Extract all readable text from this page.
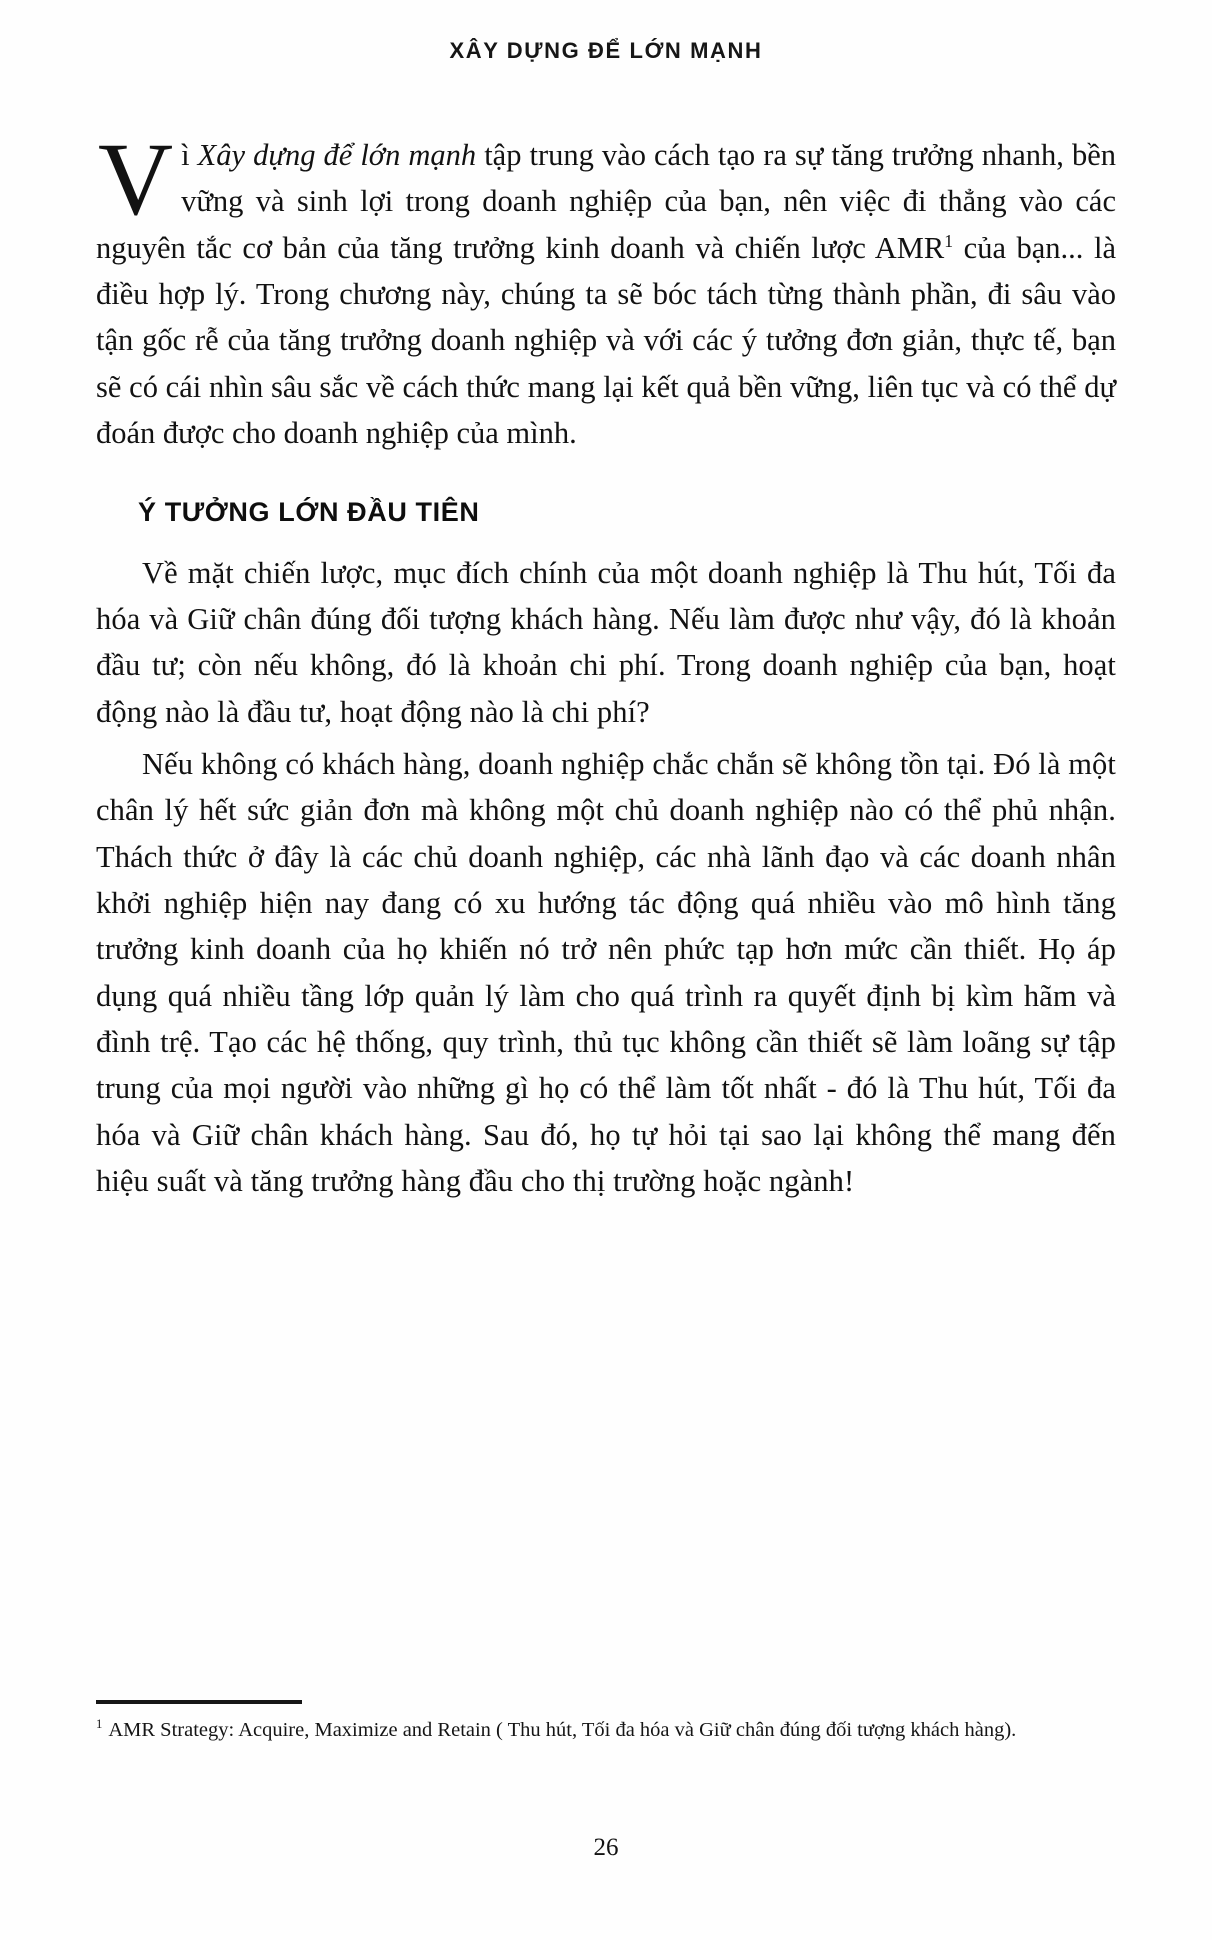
XÂY DỰNG ĐỂ LỚN MẠNH

Vì Xây dựng để lớn mạnh tập trung vào cách tạo ra sự tăng trưởng nhanh, bền vững và sinh lợi trong doanh nghiệp của bạn, nên việc đi thẳng vào các nguyên tắc cơ bản của tăng trưởng kinh doanh và chiến lược AMR$^1$ của bạn... là điều hợp lý. Trong chương này, chúng ta sẽ bóc tách từng thành phần, đi sâu vào tận gốc rễ của tăng trưởng doanh nghiệp và với các ý tưởng đơn giản, thực tế, bạn sẽ có cái nhìn sâu sắc về cách thức mang lại kết quả bền vững, liên tục và có thể dự đoán được cho doanh nghiệp của mình.

Ý TƯỞNG LỚN ĐẦU TIÊN

Về mặt chiến lược, mục đích chính của một doanh nghiệp là Thu hút, Tối đa hóa và Giữ chân đúng đối tượng khách hàng. Nếu làm được như vậy, đó là khoản đầu tư; còn nếu không, đó là khoản chi phí. Trong doanh nghiệp của bạn, hoạt động nào là đầu tư, hoạt động nào là chi phí?

Nếu không có khách hàng, doanh nghiệp chắc chắn sẽ không tồn tại. Đó là một chân lý hết sức giản đơn mà không một chủ doanh nghiệp nào có thể phủ nhận. Thách thức ở đây là các chủ doanh nghiệp, các nhà lãnh đạo và các doanh nhân khởi nghiệp hiện nay đang có xu hướng tác động quá nhiều vào mô hình tăng trưởng kinh doanh của họ khiến nó trở nên phức tạp hơn mức cần thiết. Họ áp dụng quá nhiều tầng lớp quản lý làm cho quá trình ra quyết định bị kìm hãm và đình trệ. Tạo các hệ thống, quy trình, thủ tục không cần thiết sẽ làm loãng sự tập trung của mọi người vào những gì họ có thể làm tốt nhất - đó là Thu hút, Tối đa hóa và Giữ chân khách hàng. Sau đó, họ tự hỏi tại sao lại không thể mang đến hiệu suất và tăng trưởng hàng đầu cho thị trường hoặc ngành!

$^1$ AMR Strategy: Acquire, Maximize and Retain ( Thu hút, Tối đa hóa và Giữ chân đúng đối tượng khách hàng).

26
